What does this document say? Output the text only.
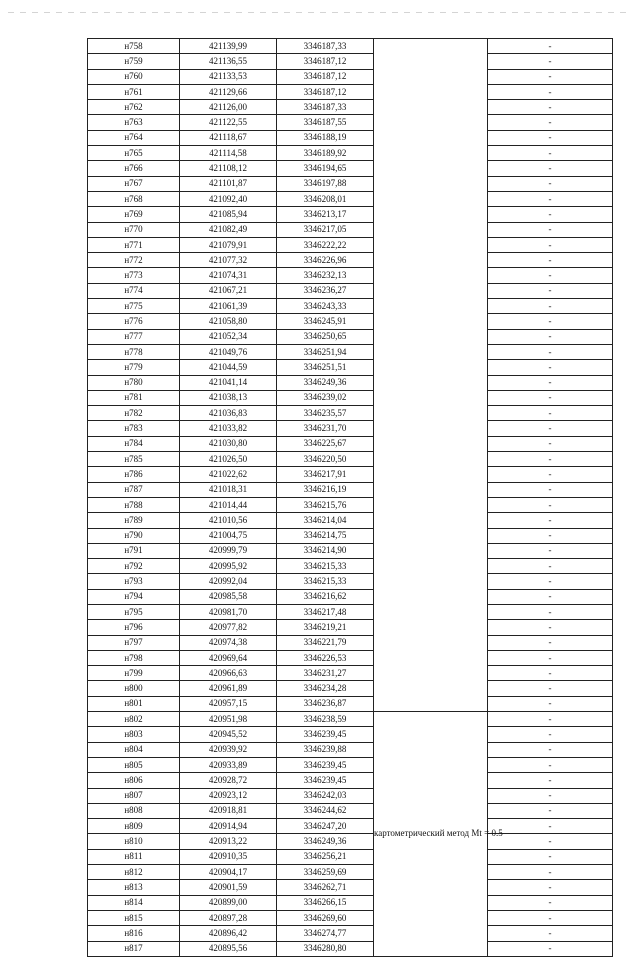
н758	421139,99	3346187,33		-
н759	421136,55	3346187,12		-
н760	421133,53	3346187,12		-
н761	421129,66	3346187,12		-
н762	421126,00	3346187,33		-
н763	421122,55	3346187,55		-
н764	421118,67	3346188,19		-
н765	421114,58	3346189,92		-
н766	421108,12	3346194,65		-
н767	421101,87	3346197,88		-
н768	421092,40	3346208,01		-
н769	421085,94	3346213,17		-
н770	421082,49	3346217,05		-
н771	421079,91	3346222,22		-
н772	421077,32	3346226,96		-
н773	421074,31	3346232,13		-
н774	421067,21	3346236,27		-
н775	421061,39	3346243,33		-
н776	421058,80	3346245,91		-
н777	421052,34	3346250,65		-
н778	421049,76	3346251,94		-
н779	421044,59	3346251,51		-
н780	421041,14	3346249,36		-
н781	421038,13	3346239,02		-
н782	421036,83	3346235,57		-
н783	421033,82	3346231,70		-
н784	421030,80	3346225,67		-
н785	421026,50	3346220,50		-
н786	421022,62	3346217,91		-
н787	421018,31	3346216,19		-
н788	421014,44	3346215,76		-
н789	421010,56	3346214,04		-
н790	421004,75	3346214,75		-
н791	420999,79	3346214,90		-
н792	420995,92	3346215,33		-
н793	420992,04	3346215,33		-
н794	420985,58	3346216,62		-
н795	420981,70	3346217,48		-
н796	420977,82	3346219,21		-
н797	420974,38	3346221,79		-
н798	420969,64	3346226,53		-
н799	420966,63	3346231,27		-
н800	420961,89	3346234,28		-
н801	420957,15	3346236,87		-
н802	420951,98	3346238,59	картометрический метод Mt = 0.5	-
н803	420945,52	3346239,45		-
н804	420939,92	3346239,88		-
н805	420933,89	3346239,45		-
н806	420928,72	3346239,45		-
н807	420923,12	3346242,03		-
н808	420918,81	3346244,62		-
н809	420914,94	3346247,20		-
н810	420913,22	3346249,36		-
н811	420910,35	3346256,21		-
н812	420904,17	3346259,69		-
н813	420901,59	3346262,71		-
н814	420899,00	3346266,15		-
н815	420897,28	3346269,60		-
н816	420896,42	3346274,77		-
н817	420895,56	3346280,80		-
